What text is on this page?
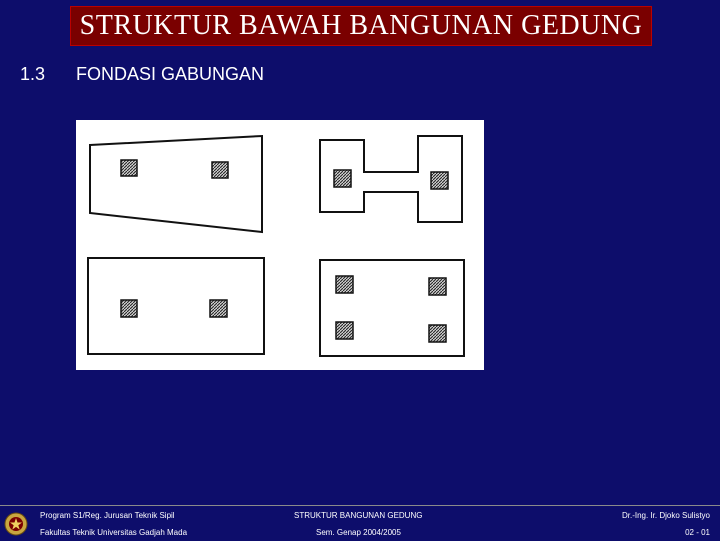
STRUKTUR BAWAH BANGUNAN GEDUNG
1.3 FONDASI GABUNGAN
Program S1/Reg. Jurusan Teknik Sipil
Fakultas Teknik Universitas Gadjah Mada
STRUKTUR BANGUNAN GEDUNG
Sem. Genap 2004/2005
Dr.-Ing. Ir. Djoko Sulistyo
02 - 01
